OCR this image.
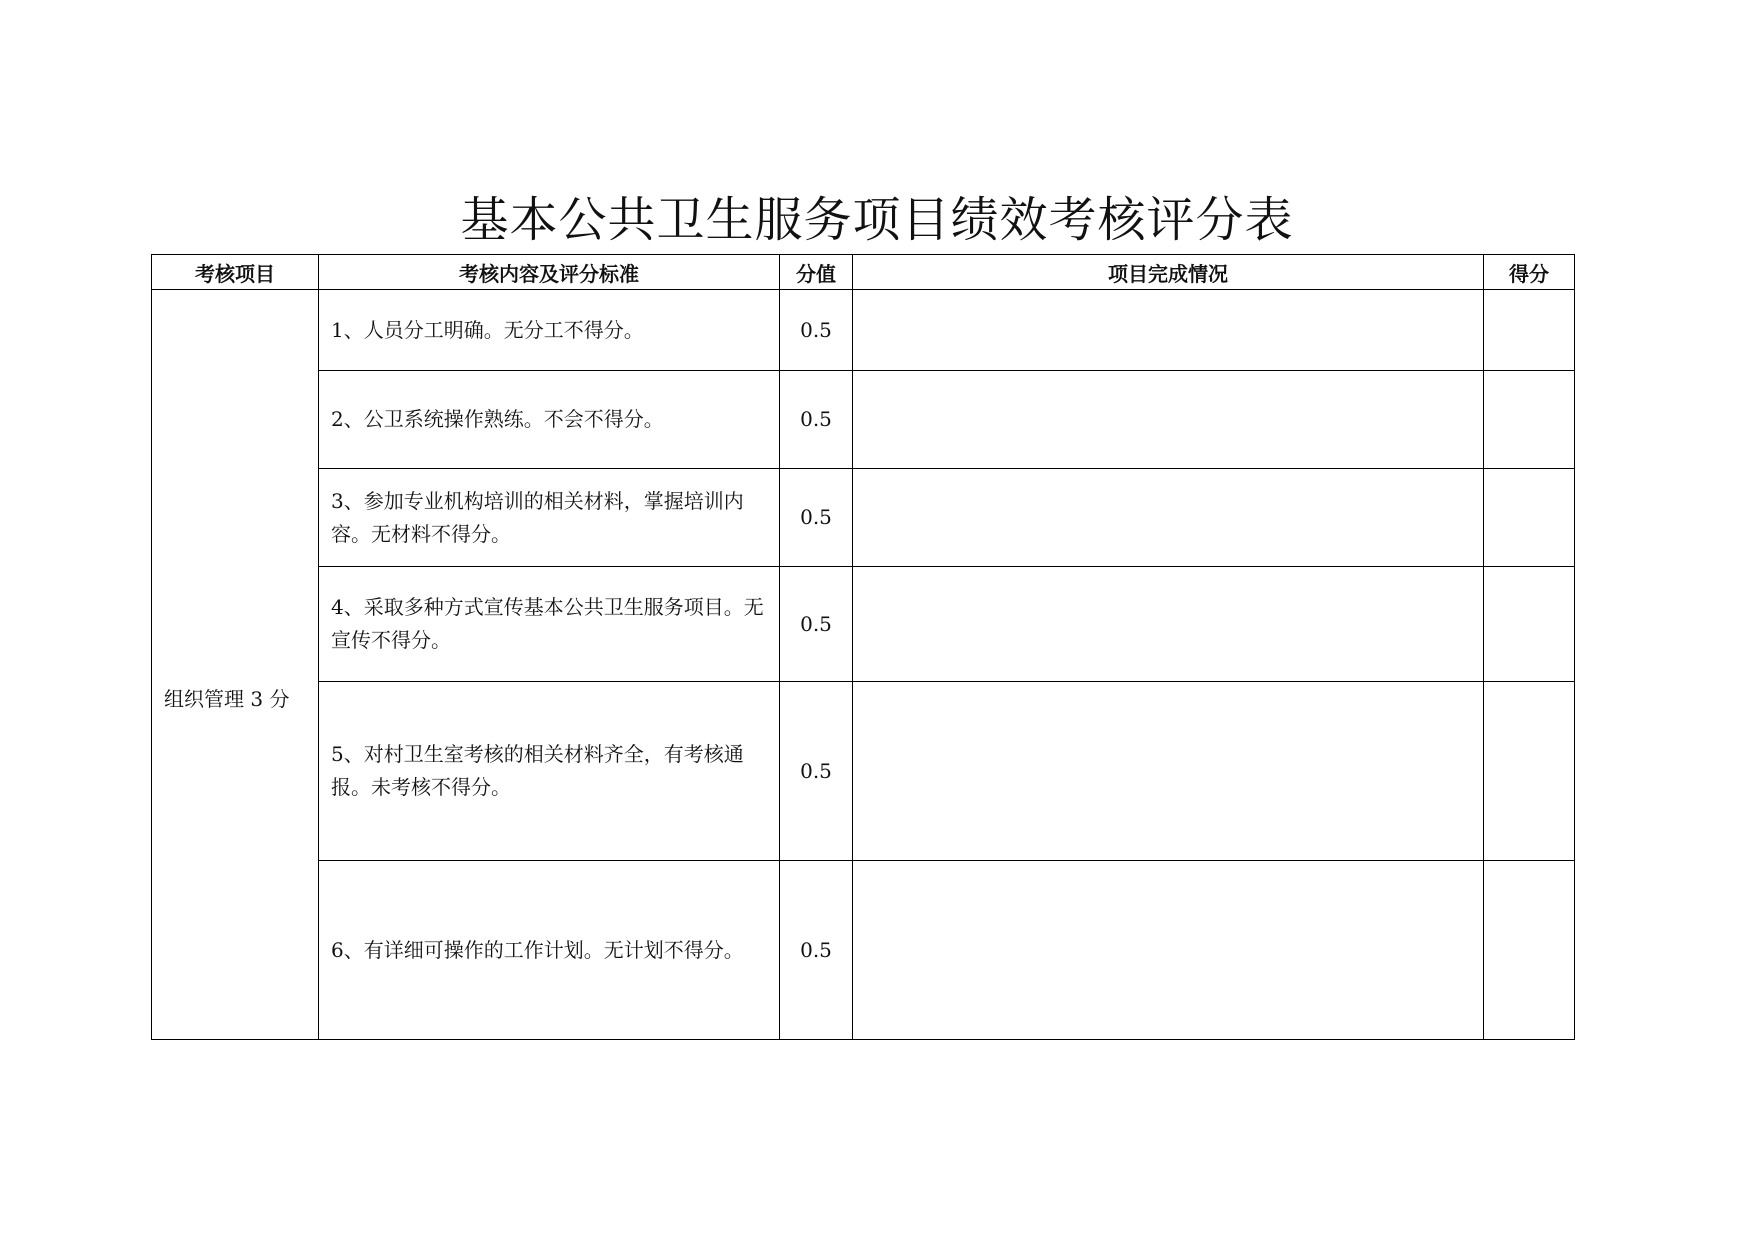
基本公共卫生服务项目绩效考核评分表
考核项目	考核内容及评分标准	分值	项目完成情况	得分
组织管理 3 分	1、人员分工明确。无分工不得分。	0.5		
	2、公卫系统操作熟练。不会不得分。	0.5		
	3、参加专业机构培训的相关材料，掌握培训内容。无材料不得分。	0.5		
	4、采取多种方式宣传基本公共卫生服务项目。无宣传不得分。	0.5		
	5、对村卫生室考核的相关材料齐全，有考核通报。未考核不得分。	0.5		
	6、有详细可操作的工作计划。无计划不得分。	0.5		
